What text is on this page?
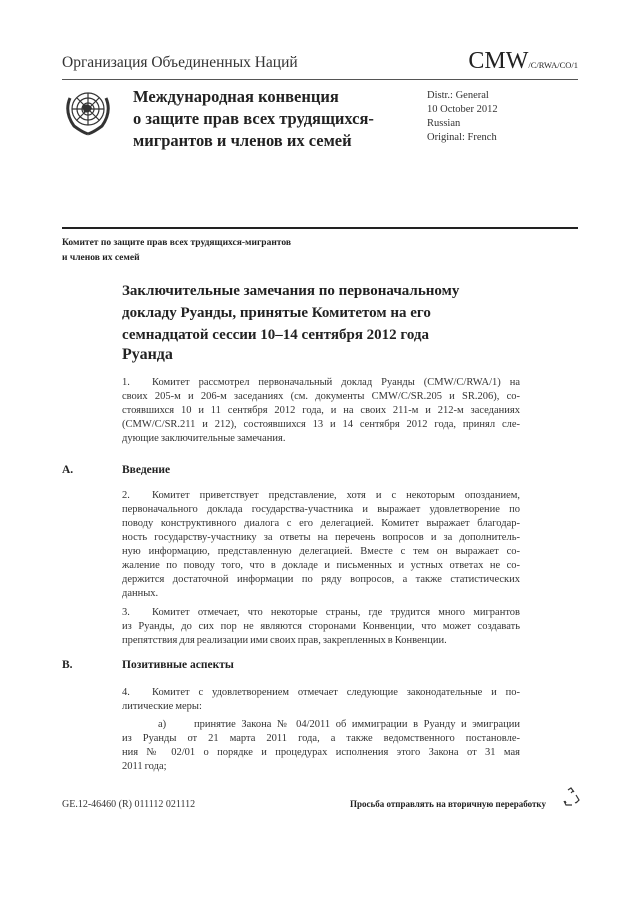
Организация Объединенных Наций	CMW/C/RWA/CO/1
Международная конвенция
о защите прав всех трудящихся-
мигрантов и членов их семей
Distr.: General
10 October 2012
Russian
Original: French
Комитет по защите прав всех трудящихся-мигрантов
и членов их семей
Заключительные замечания по первоначальному
докладу Руанды, принятые Комитетом на его
семнадцатой сессии 10–14 сентября 2012 года
Руанда
1. Комитет рассмотрел первоначальный доклад Руанды (CMW/C/RWA/1) на
своих 205-м и 206-м заседаниях (см. документы CMW/C/SR.205 и SR.206), со-
стоявшихся 10 и 11 сентября 2012 года, и на своих 211-м и 212-м заседаниях
(CMW/C/SR.211 и 212), состоявшихся 13 и 14 сентября 2012 года, принял сле-
дующие заключительные замечания.
A.	Введение
2. Комитет приветствует представление, хотя и с некоторым опозданием,
первоначального доклада государства-участника и выражает удовлетворение по
поводу конструктивного диалога с его делегацией. Комитет выражает благодар-
ность государству-участнику за ответы на перечень вопросов и за дополнитель-
ную информацию, представленную делегацией. Вместе с тем он выражает со-
жаление по поводу того, что в докладе и письменных и устных ответах не со-
держится достаточной информации по ряду вопросов, а также статистических
данных.
3. Комитет отмечает, что некоторые страны, где трудится много мигрантов
из Руанды, до сих пор не являются сторонами Конвенции, что может создавать
препятствия для реализации ими своих прав, закрепленных в Конвенции.
B.	Позитивные аспекты
4. Комитет с удовлетворением отмечает следующие законодательные и по-
литические меры:
a)	принятие Закона № 04/2011 об иммиграции в Руанду и эмиграции
из Руанды от 21 марта 2011 года, а также ведомственного постановле-
ния № 02/01 о порядке и процедурах исполнения этого Закона от 31 мая
2011 года;
GE.12-46460 (R) 011112 021112	Просьба отправлять на вторичную переработку
